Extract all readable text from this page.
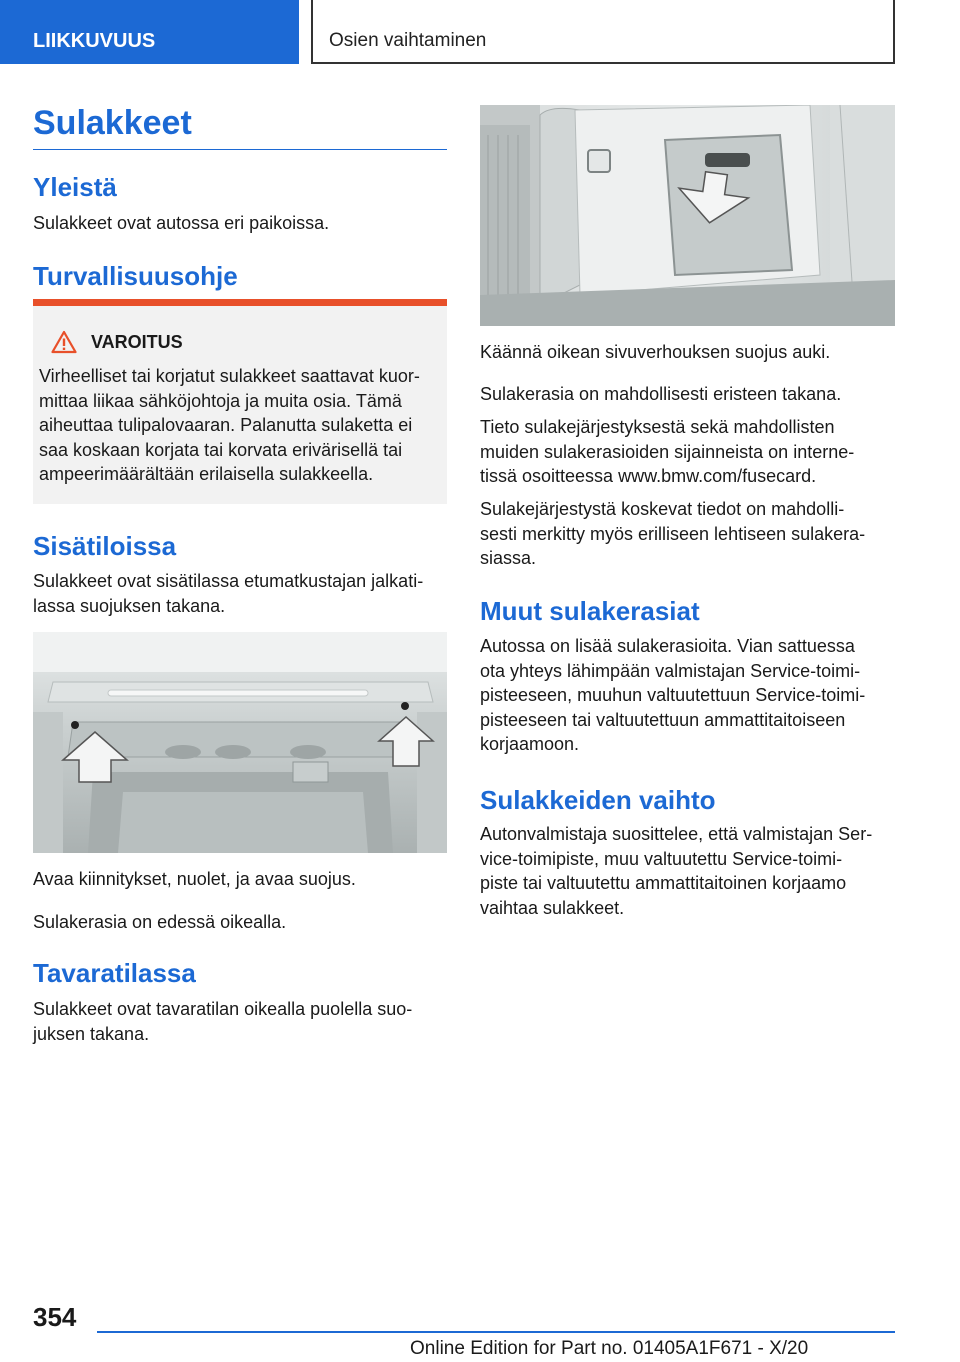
LIIKKUVUUS	Osien vaihtaminen
Sulakkeet
Yleistä

Sulakkeet ovat autossa eri paikoissa.

Turvallisuusohje
VAROITUS

Virheelliset tai korjatut sulakkeet saattavat kuor-
mittaa liikaa sähköjohtoja ja muita osia. Tämä
aiheuttaa tulipalovaaran. Palanutta sulaketta ei
saa koskaan korjata tai korvata erivärisellä tai
ampeerimäärältään erilaisella sulakkeella.

Sisätiloissa

Sulakkeet ovat sisätilassa etumatkustajan jalkati-
lassa suojuksen takana.

Avaa kiinnitykset, nuolet, ja avaa suojus.

Sulakerasia on edessä oikealla.

Tavaratilassa

Sulakkeet ovat tavaratilan oikealla puolella suo-
juksen takana.

Käännä oikean sivuverhouksen suojus auki.

Sulakerasia on mahdollisesti eristeen takana.

Tieto sulakejärjestyksestä sekä mahdollisten
muiden sulakerasioiden sijainneista on interne-
tissä osoitteessa www.bmw.com/fusecard.

Sulakejärjestystä koskevat tiedot on mahdolli-
sesti merkitty myös erilliseen lehtiseen sulakera-
siassa.

Muut sulakerasiat

Autossa on lisää sulakerasioita. Vian sattuessa
ota yhteys lähimpään valmistajan Service-toimi-
pisteeseen, muuhun valtuutettuun Service-toimi-
pisteeseen tai valtuutettuun ammattitaitoiseen
korjaamoon.

Sulakkeiden vaihto

Autonvalmistaja suosittelee, että valmistajan Ser-
vice-toimipiste, muu valtuutettu Service-toimi-
piste tai valtuutettu ammattitaitoinen korjaamo
vaihtaa sulakkeet.

354
Online Edition for Part no. 01405A1F671 - X/20
